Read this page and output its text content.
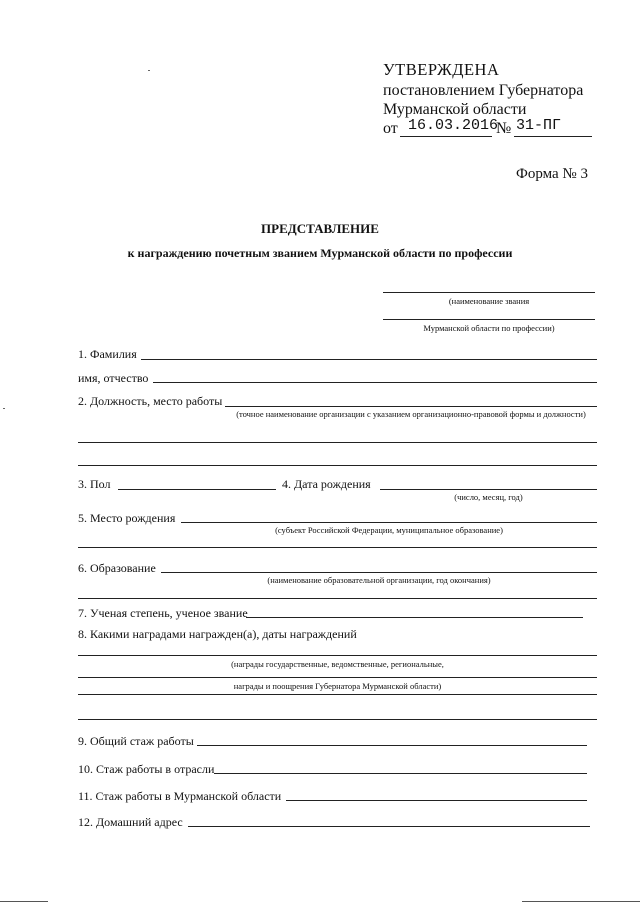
УТВЕРЖДЕНА
постановлением Губернатора
Мурманской области
от 16.03.2016
№ 31-ПГ
Форма № 3
ПРЕДСТАВЛЕНИЕ
к награждению почетным званием Мурманской области по профессии
(наименование звания
Мурманской области по профессии)
1. Фамилия
имя, отчество
2. Должность, место работы
(точное наименование организации с указанием организационно-правовой формы и должности)
3. Пол	4. Дата рождения
(число, месяц, год)
5. Место рождения
(субъект Российской Федерации, муниципальное образование)
6. Образование
(наименование образовательной организации, год окончания)
7. Ученая степень, ученое звание
8. Какими наградами награжден(а), даты награждений
(награды государственные, ведомственные, региональные,
награды и поощрения Губернатора Мурманской области)
9. Общий стаж работы
10. Стаж работы в отрасли
11. Стаж работы в Мурманской области
12. Домашний адрес
